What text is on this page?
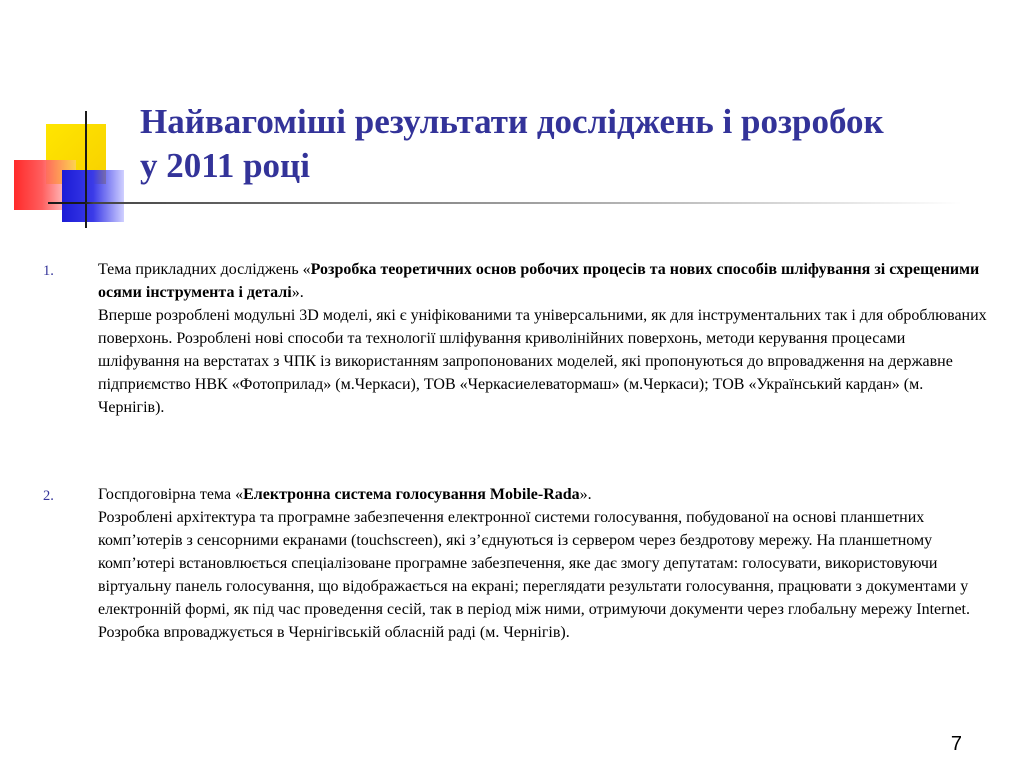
Найвагоміші результати досліджень і розробок
у 2011 році
1.	Тема прикладних досліджень «Розробка теоретичних основ робочих процесів та нових способів шліфування зі схрещеними осями інструмента і деталі».

Вперше розроблені модульні 3D моделі, які є уніфікованими та універсальними, як для інструментальних так і для оброблюваних поверхонь. Розроблені нові способи та технології шліфування криволінійних поверхонь, методи керування процесами шліфування на верстатах з ЧПК із використанням запропонованих моделей, які пропонуються до впровадження на державне підприємство НВК «Фотоприлад» (м.Черкаси), ТОВ «Черкасиелеватормаш» (м.Черкаси); ТОВ «Український кардан» (м. Чернігів).

2.	Госпдоговірна тема «Електронна система голосування Mobile-Rada».

Розроблені архітектура та програмне забезпечення електронної системи голосування, побудованої на основі планшетних комп’ютерів з сенсорними екранами (touchscreen), які з’єднуються із сервером через бездротову мережу. На планшетному комп’ютері встановлюється спеціалізоване програмне забезпечення, яке дає змогу депутатам: голосувати, використовуючи віртуальну панель голосування, що відображається на екрані; переглядати результати голосування, працювати з документами у електронній формі, як під час проведення сесій, так в період між ними, отримуючи документи через глобальну мережу Internet. Розробка впроваджується в Чернігівській обласній раді (м. Чернігів).

7
